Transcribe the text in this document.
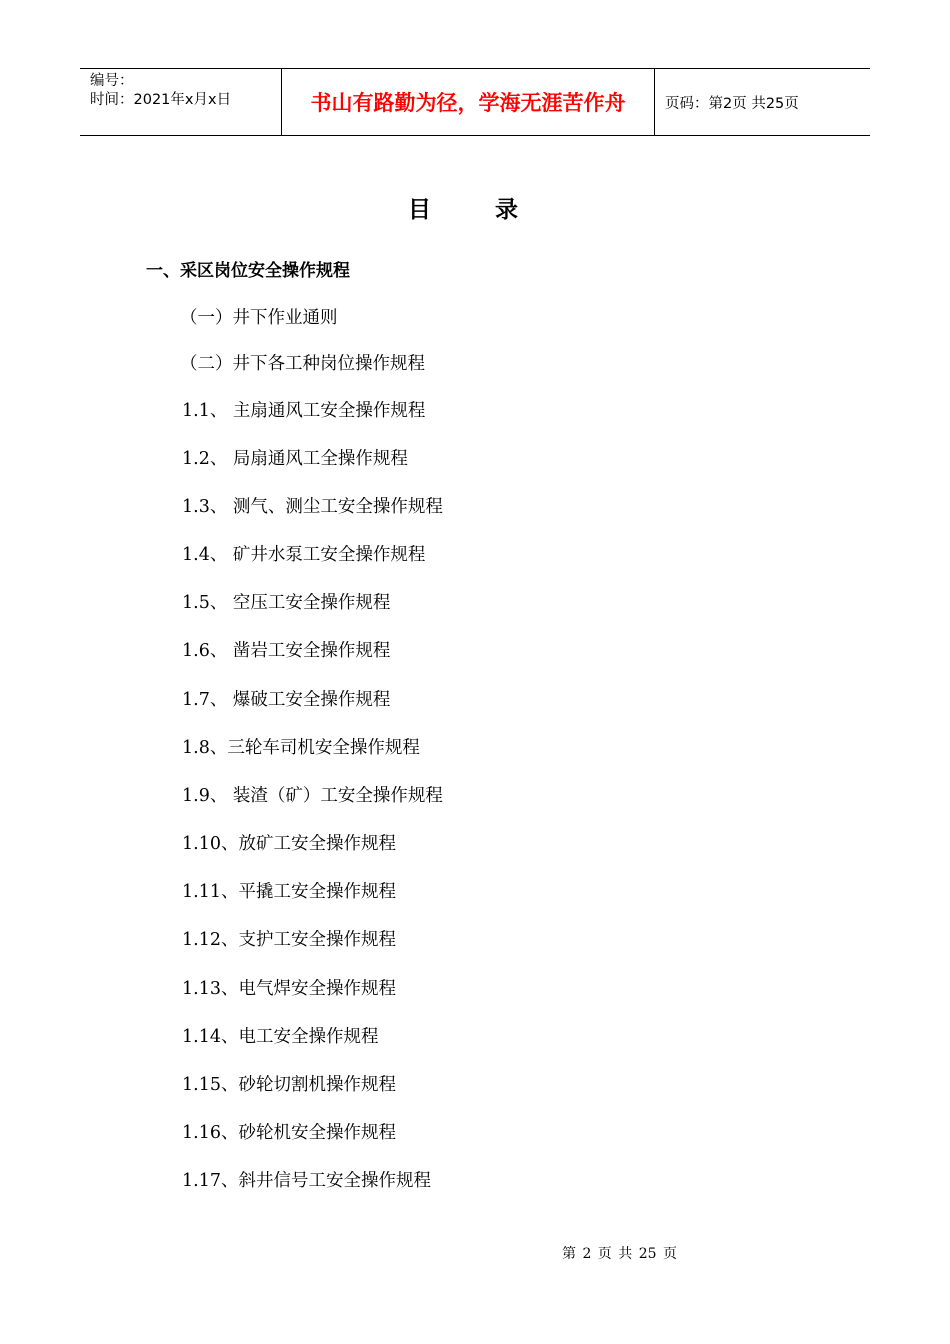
编号：
时间：2021年x月x日	书山有路勤为径，学海无涯苦作舟	页码：第2页 共25页
目 录
一、采区岗位安全操作规程
（一）井下作业通则
（二）井下各工种岗位操作规程
1.1、 主扇通风工安全操作规程
1.2、 局扇通风工全操作规程
1.3、 测气、测尘工安全操作规程
1.4、 矿井水泵工安全操作规程
1.5、 空压工安全操作规程
1.6、 凿岩工安全操作规程
1.7、 爆破工安全操作规程
1.8、三轮车司机安全操作规程
1.9、 装渣（矿）工安全操作规程
1.10、放矿工安全操作规程
1.11、平撬工安全操作规程
1.12、支护工安全操作规程
1.13、电气焊安全操作规程
1.14、电工安全操作规程
1.15、砂轮切割机操作规程
1.16、砂轮机安全操作规程
1.17、斜井信号工安全操作规程
第 2 页 共 25 页
